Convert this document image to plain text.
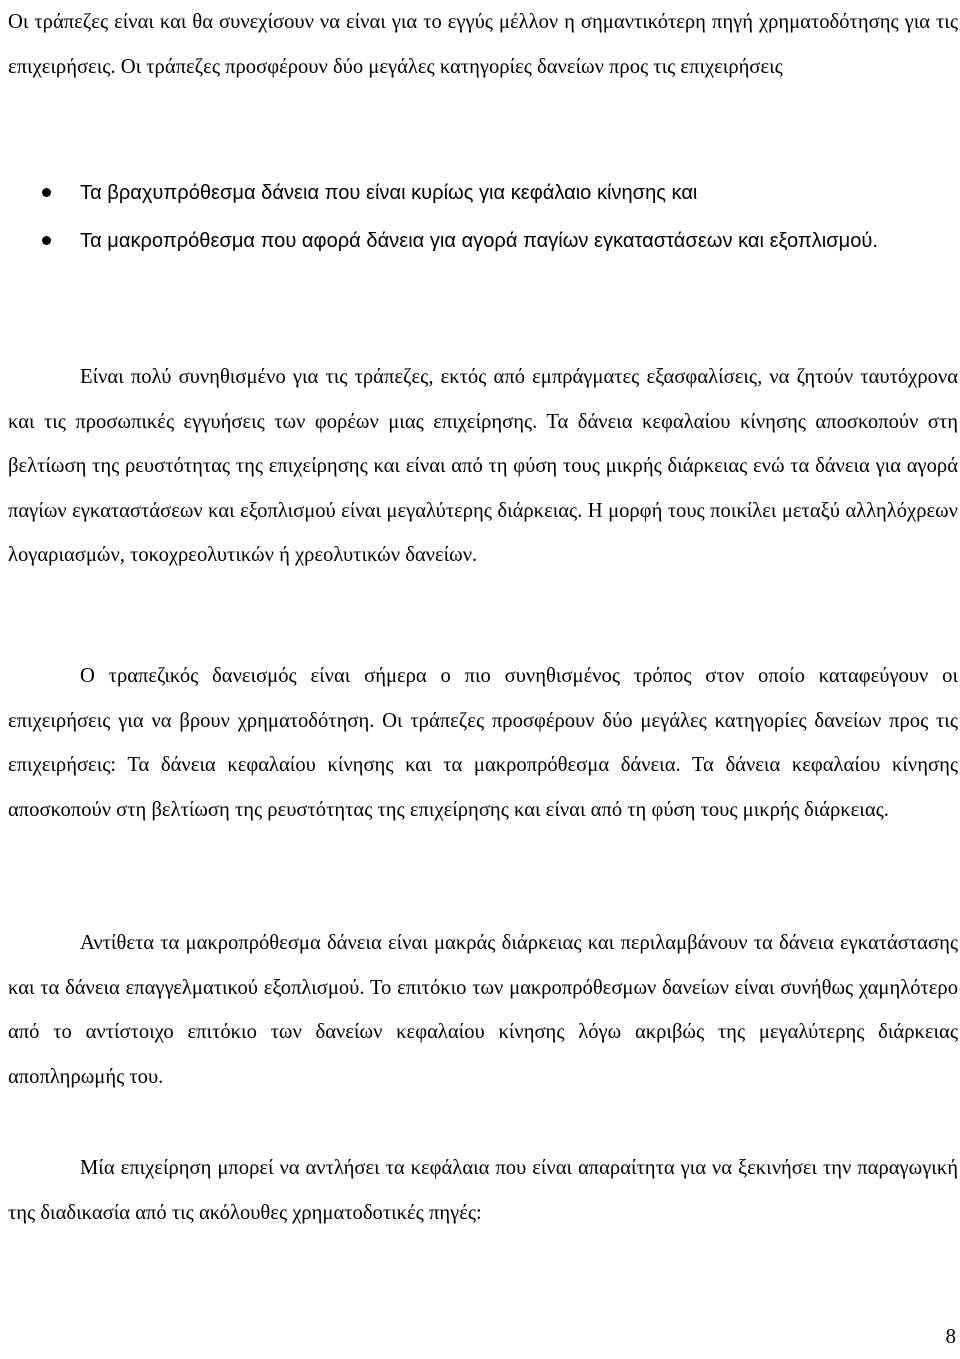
Οι τράπεζες είναι και θα συνεχίσουν να είναι για το εγγύς μέλλον η σημαντικότερη πηγή χρηματοδότησης για τις επιχειρήσεις. Οι τράπεζες προσφέρουν δύο μεγάλες κατηγορίες δανείων προς τις επιχειρήσεις

Τα βραχυπρόθεσμα δάνεια που είναι κυρίως για κεφάλαιο κίνησης και
Τα μακροπρόθεσμα που αφορά δάνεια για αγορά παγίων εγκαταστάσεων και εξοπλισμού.

Είναι πολύ συνηθισμένο για τις τράπεζες, εκτός από εμπράγματες εξασφαλίσεις, να ζητούν ταυτόχρονα και τις προσωπικές εγγυήσεις των φορέων μιας επιχείρησης. Τα δάνεια κεφαλαίου κίνησης αποσκοπούν στη βελτίωση της ρευστότητας της επιχείρησης και είναι από τη φύση τους μικρής διάρκειας ενώ τα δάνεια για αγορά παγίων εγκαταστάσεων και εξοπλισμού είναι μεγαλύτερης διάρκειας. Η μορφή τους ποικίλει μεταξύ αλληλόχρεων λογαριασμών, τοκοχρεολυτικών ή χρεολυτικών δανείων.

Ο τραπεζικός δανεισμός είναι σήμερα ο πιο συνηθισμένος τρόπος στον οποίο καταφεύγουν οι επιχειρήσεις για να βρουν χρηματοδότηση. Οι τράπεζες προσφέρουν δύο μεγάλες κατηγορίες δανείων προς τις επιχειρήσεις: Τα δάνεια κεφαλαίου κίνησης και τα μακροπρόθεσμα δάνεια. Τα δάνεια κεφαλαίου κίνησης αποσκοπούν στη βελτίωση της ρευστότητας της επιχείρησης και είναι από τη φύση τους μικρής διάρκειας.

Αντίθετα τα μακροπρόθεσμα δάνεια είναι μακράς διάρκειας και περιλαμβάνουν τα δάνεια εγκατάστασης και τα δάνεια επαγγελματικού εξοπλισμού. Το επιτόκιο των μακροπρόθεσμων δανείων είναι συνήθως χαμηλότερο από το αντίστοιχο επιτόκιο των δανείων κεφαλαίου κίνησης λόγω ακριβώς της μεγαλύτερης διάρκειας αποπληρωμής του.

Μία επιχείρηση μπορεί να αντλήσει τα κεφάλαια που είναι απαραίτητα για να ξεκινήσει την παραγωγική της διαδικασία από τις ακόλουθες χρηματοδοτικές πηγές:

8
